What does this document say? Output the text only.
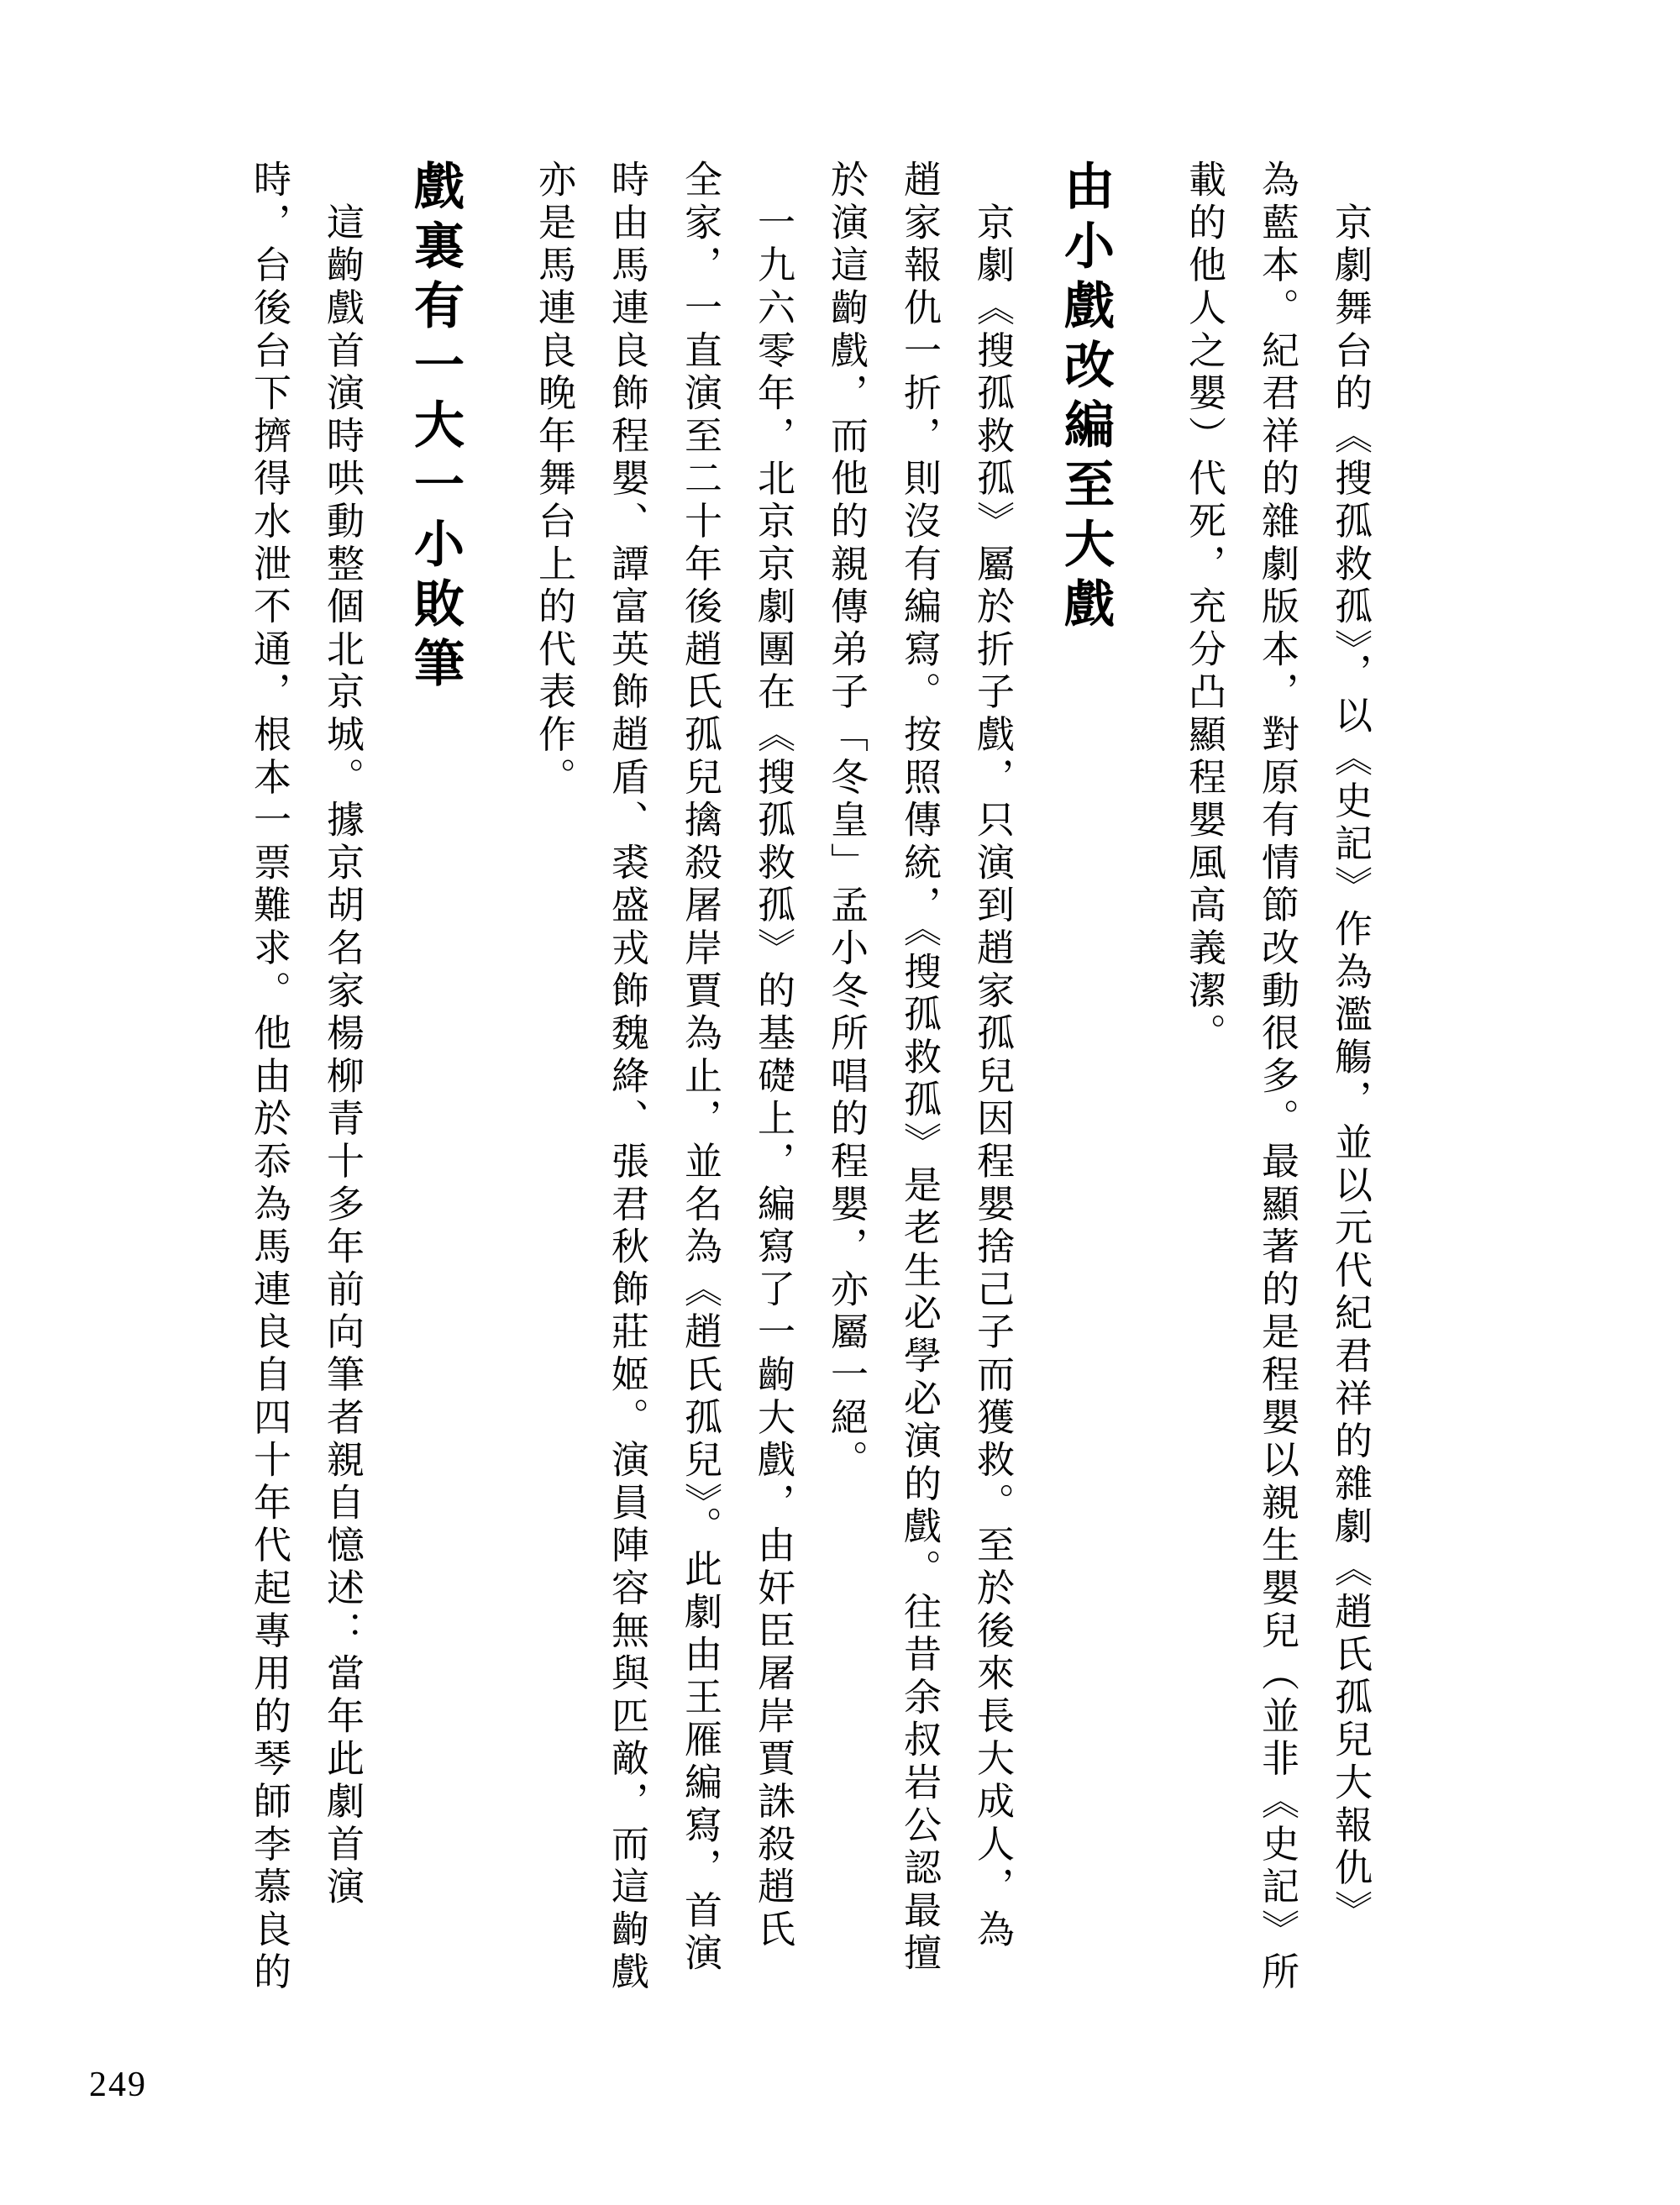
　京劇舞台的《搜孤救孤》，以《史記》作為濫觴，並以元代紀君祥的雜劇《趙氏孤兒大報仇》
為藍本。紀君祥的雜劇版本，對原有情節改動很多。最顯著的是程嬰以親生嬰兒（並非《史記》所
載的他人之嬰）代死，充分凸顯程嬰風高義潔。
由小戲改編至大戲
　京劇《搜孤救孤》屬於折子戲，只演到趙家孤兒因程嬰捨己子而獲救。至於後來長大成人，為
趙家報仇一折，則沒有編寫。按照傳統，《搜孤救孤》是老生必學必演的戲。往昔余叔岩公認最擅
於演這齣戲，而他的親傳弟子「冬皇」孟小冬所唱的程嬰，亦屬一絕。
　一九六零年，北京京劇團在《搜孤救孤》的基礎上，編寫了一齣大戲，由奸臣屠岸賈誅殺趙氏
全家，一直演至二十年後趙氏孤兒擒殺屠岸賈為止，並名為《趙氏孤兒》。此劇由王雁編寫，首演
時由馬連良飾程嬰、譚富英飾趙盾、裘盛戎飾魏絳、張君秋飾莊姬。演員陣容無與匹敵，而這齣戲
亦是馬連良晚年舞台上的代表作。
戲裏有一大一小敗筆
　這齣戲首演時哄動整個北京城。據京胡名家楊柳青十多年前向筆者親自憶述：當年此劇首演
時，台後台下擠得水泄不通，根本一票難求。他由於忝為馬連良自四十年代起專用的琴師李慕良的
249
